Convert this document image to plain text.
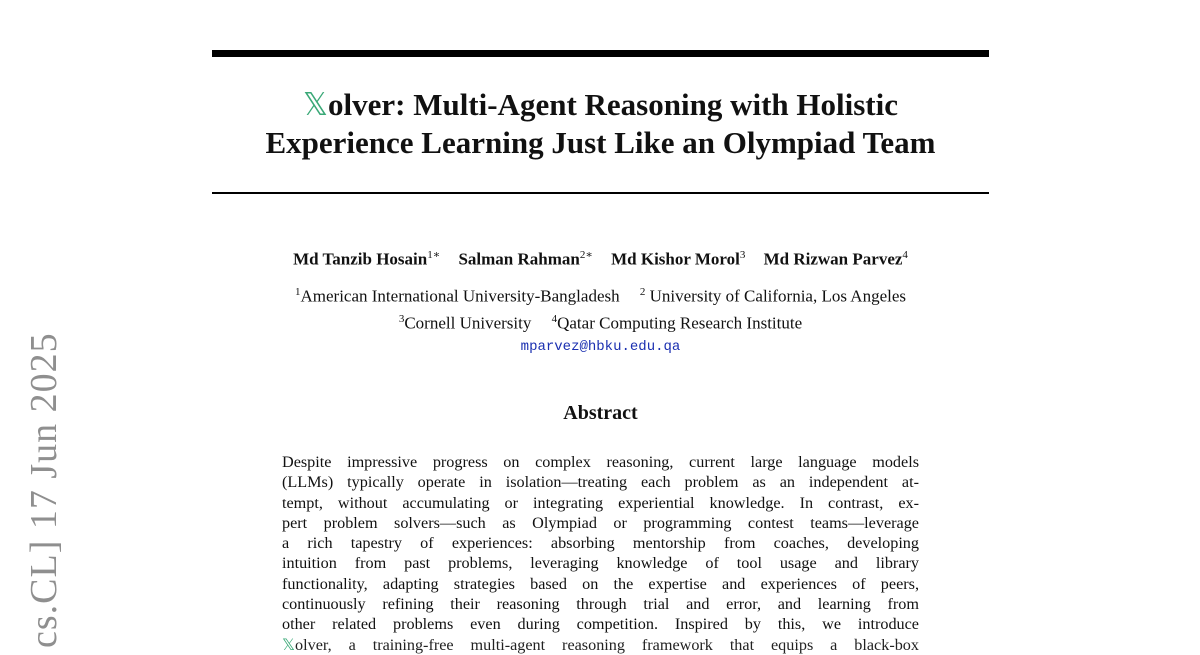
𝕏olver: Multi-Agent Reasoning with Holistic
Experience Learning Just Like an Olympiad Team
Md Tanzib Hosain$^{1∗}$ Salman Rahman$^{2∗}$ Md Kishor Morol$^3$ Md Rizwan Parvez$^4$
$^1$American International University-Bangladesh $^2$ University of California, Los Angeles
$^3$Cornell University $^4$Qatar Computing Research Institute
mparvez@hbku.edu.qa
Abstract
Despite impressive progress on complex reasoning, current large language models
(LLMs) typically operate in isolation—treating each problem as an independent at-
tempt, without accumulating or integrating experiential knowledge. In contrast, ex-
pert problem solvers—such as Olympiad or programming contest teams—leverage
a rich tapestry of experiences: absorbing mentorship from coaches, developing
intuition from past problems, leveraging knowledge of tool usage and library
functionality, adapting strategies based on the expertise and experiences of peers,
continuously refining their reasoning through trial and error, and learning from
other related problems even during competition. Inspired by this, we introduce
𝕏olver, a training-free multi-agent reasoning framework that equips a black-box
cs.CL] 17 Jun 2025
